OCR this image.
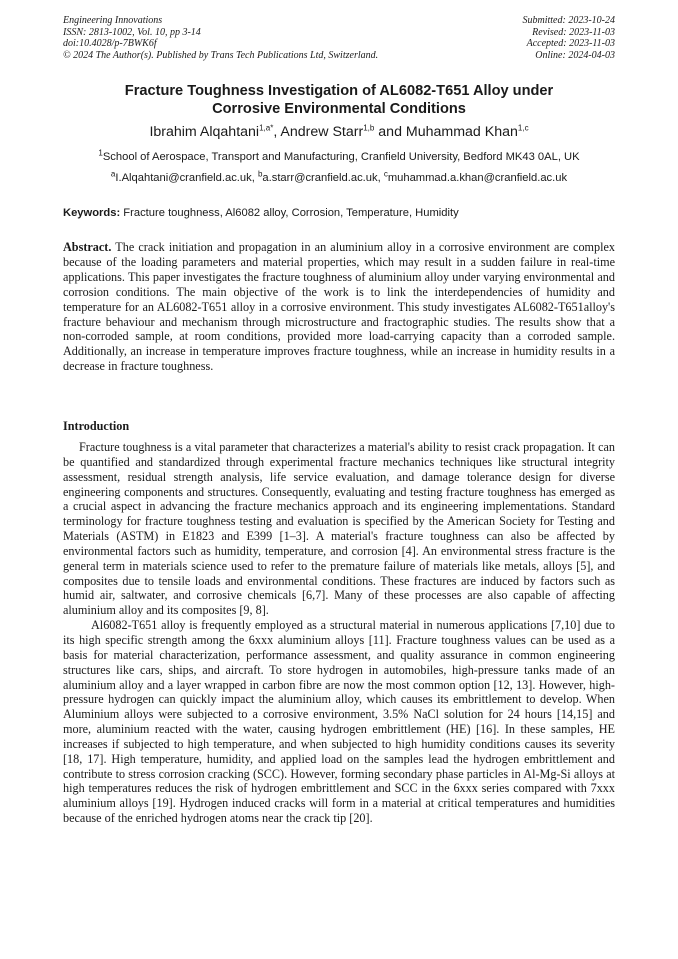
Engineering Innovations
ISSN: 2813-1002, Vol. 10, pp 3-14
doi:10.4028/p-7BWK6f
© 2024 The Author(s). Published by Trans Tech Publications Ltd, Switzerland.
Submitted: 2023-10-24
Revised: 2023-11-03
Accepted: 2023-11-03
Online: 2024-04-03
Fracture Toughness Investigation of AL6082-T651 Alloy under
Corrosive Environmental Conditions
Ibrahim Alqahtani$^{1,a*}$, Andrew Starr$^{1,b}$ and Muhammad Khan$^{1,c}$
$^1$School of Aerospace, Transport and Manufacturing, Cranfield University, Bedford MK43 0AL, UK
$^a$I.Alqahtani@cranfield.ac.uk, $^b$a.starr@cranfield.ac.uk, $^c$muhammad.a.khan@cranfield.ac.uk
Keywords: Fracture toughness, Al6082 alloy, Corrosion, Temperature, Humidity

Abstract. The crack initiation and propagation in an aluminium alloy in a corrosive environment are complex because of the loading parameters and material properties, which may result in a sudden failure in real-time applications. This paper investigates the fracture toughness of aluminium alloy under varying environmental and corrosion conditions. The main objective of the work is to link the interdependencies of humidity and temperature for an AL6082-T651 alloy in a corrosive environment. This study investigates AL6082-T651alloy's fracture behaviour and mechanism through microstructure and fractographic studies. The results show that a non-corroded sample, at room conditions, provided more load-carrying capacity than a corroded sample. Additionally, an increase in temperature improves fracture toughness, while an increase in humidity results in a decrease in fracture toughness.

Introduction

Fracture toughness is a vital parameter that characterizes a material's ability to resist crack propagation. It can be quantified and standardized through experimental fracture mechanics techniques like structural integrity assessment, residual strength analysis, life service evaluation, and damage tolerance design for diverse engineering components and structures. Consequently, evaluating and testing fracture toughness has emerged as a crucial aspect in advancing the fracture mechanics approach and its engineering implementations. Standard terminology for fracture toughness testing and evaluation is specified by the American Society for Testing and Materials (ASTM) in E1823 and E399 [1–3]. A material's fracture toughness can also be affected by environmental factors such as humidity, temperature, and corrosion [4]. An environmental stress fracture is the general term in materials science used to refer to the premature failure of materials like metals, alloys [5], and composites due to tensile loads and environmental conditions. These fractures are induced by factors such as humid air, saltwater, and corrosive chemicals [6,7]. Many of these processes are also capable of affecting aluminium alloy and its composites [9, 8].

Al6082-T651 alloy is frequently employed as a structural material in numerous applications [7,10] due to its high specific strength among the 6xxx aluminium alloys [11]. Fracture toughness values can be used as a basis for material characterization, performance assessment, and quality assurance in common engineering structures like cars, ships, and aircraft. To store hydrogen in automobiles, high-pressure tanks made of an aluminium alloy and a layer wrapped in carbon fibre are now the most common option [12, 13]. However, high-pressure hydrogen can quickly impact the aluminium alloy, which causes its embrittlement to develop. When Aluminium alloys were subjected to a corrosive environment, 3.5% NaCl solution for 24 hours [14,15] and more, aluminium reacted with the water, causing hydrogen embrittlement (HE) [16]. In these samples, HE increases if subjected to high temperature, and when subjected to high humidity conditions causes its severity [18, 17]. High temperature, humidity, and applied load on the samples lead the hydrogen embrittlement and contribute to stress corrosion cracking (SCC). However, forming secondary phase particles in Al-Mg-Si alloys at high temperatures reduces the risk of hydrogen embrittlement and SCC in the 6xxx series compared with 7xxx aluminium alloys [19]. Hydrogen induced cracks will form in a material at critical temperatures and humidities because of the enriched hydrogen atoms near the crack tip [20].
